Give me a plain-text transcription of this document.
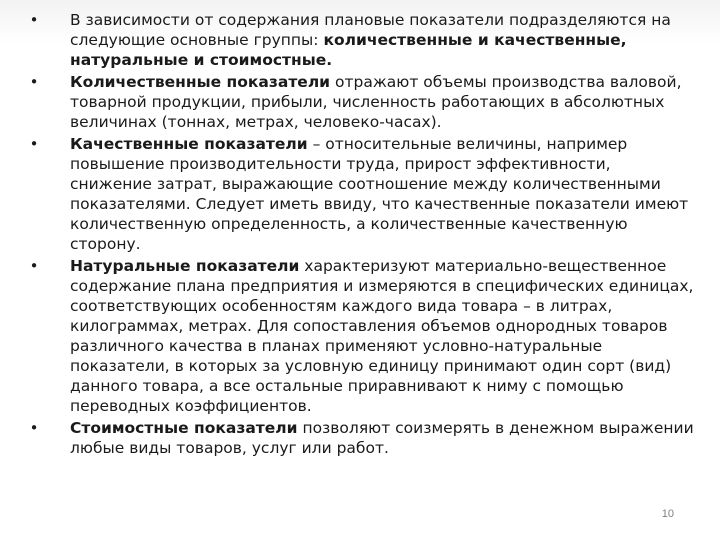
• В зависимости от содержания плановые показатели подразделяются на следующие основные группы: количественные и качественные, натуральные и стоимостные.
• Количественные показатели отражают объемы производства валовой, товарной продукции, прибыли, численность работающих в абсолютных величинах (тоннах, метрах, человеко-часах).
• Качественные показатели – относительные величины, например повышение производительности труда, прирост эффективности, снижение затрат, выражающие соотношение между количественными показателями. Следует иметь ввиду, что качественные показатели имеют количественную определенность, а количественные качественную сторону.
• Натуральные показатели характеризуют материально-вещественное содержание плана предприятия и измеряются в специфических единицах, соответствующих особенностям каждого вида товара – в литрах, килограммах, метрах. Для сопоставления объемов однородных товаров различного качества в планах применяют условно-натуральные показатели, в которых за условную единицу принимают один сорт (вид) данного товара, а все остальные приравнивают к ниму с помощью переводных коэффициентов.
• Стоимостные показатели позволяют соизмерять в денежном выражении любые виды товаров, услуг или работ.
10
